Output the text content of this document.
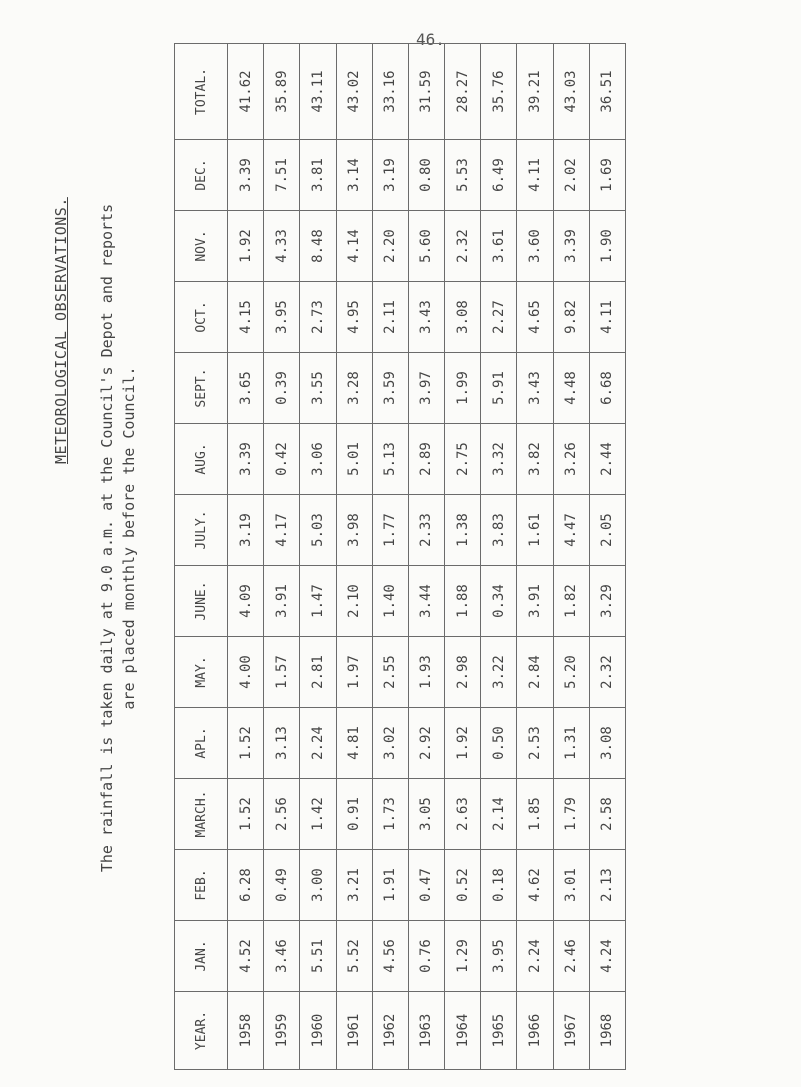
46.
METEOROLOGICAL OBSERVATIONS. The rainfall is taken daily at 9.0 a.m. at the Council's Depot and reports are placed monthly before the Council.
YEAR.	JAN.	FEB.	MARCH.	APL.	MAY.	JUNE.	JULY.	AUG.	SEPT.	OCT.	NOV.	DEC.	TOTAL.
1958	4.52	6.28	1.52	1.52	4.00	4.09	3.19	3.39	3.65	4.15	1.92	3.39	41.62
1959	3.46	0.49	2.56	3.13	1.57	3.91	4.17	0.42	0.39	3.95	4.33	7.51	35.89
1960	5.51	3.00	1.42	2.24	2.81	1.47	5.03	3.06	3.55	2.73	8.48	3.81	43.11
1961	5.52	3.21	0.91	4.81	1.97	2.10	3.98	5.01	3.28	4.95	4.14	3.14	43.02
1962	4.56	1.91	1.73	3.02	2.55	1.40	1.77	5.13	3.59	2.11	2.20	3.19	33.16
1963	0.76	0.47	3.05	2.92	1.93	3.44	2.33	2.89	3.97	3.43	5.60	0.80	31.59
1964	1.29	0.52	2.63	1.92	2.98	1.88	1.38	2.75	1.99	3.08	2.32	5.53	28.27
1965	3.95	0.18	2.14	0.50	3.22	0.34	3.83	3.32	5.91	2.27	3.61	6.49	35.76
1966	2.24	4.62	1.85	2.53	2.84	3.91	1.61	3.82	3.43	4.65	3.60	4.11	39.21
1967	2.46	3.01	1.79	1.31	5.20	1.82	4.47	3.26	4.48	9.82	3.39	2.02	43.03
1968	4.24	2.13	2.58	3.08	2.32	3.29	2.05	2.44	6.68	4.11	1.90	1.69	36.51
